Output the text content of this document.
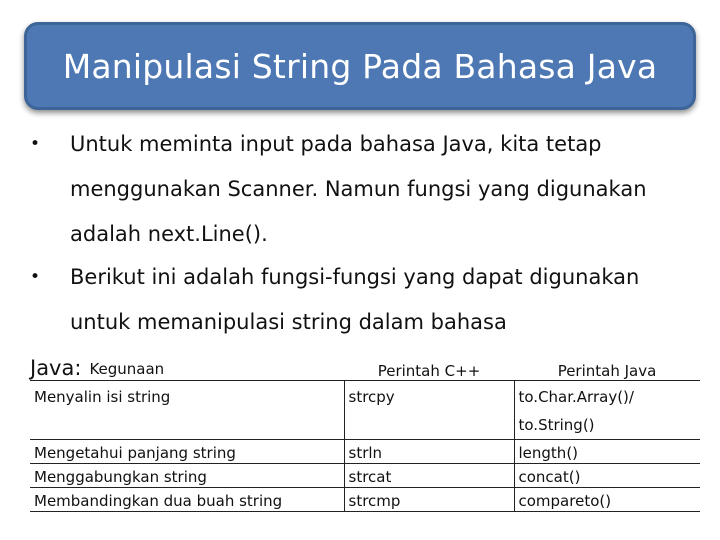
Manipulasi String Pada Bahasa Java
• Untuk meminta input pada bahasa Java, kita tetap menggunakan Scanner. Namun fungsi yang digunakan adalah next.Line().
• Berikut ini adalah fungsi-fungsi yang dapat digunakan untuk memanipulasi string dalam bahasa
Java: Kegunaan	Perintah C++	Perintah Java
Menyalin isi string	strcpy	to.Char.Array()/ to.String()
Mengetahui panjang string	strln	length()
Menggabungkan string	strcat	concat()
Membandingkan dua buah string	strcmp	compareto()
